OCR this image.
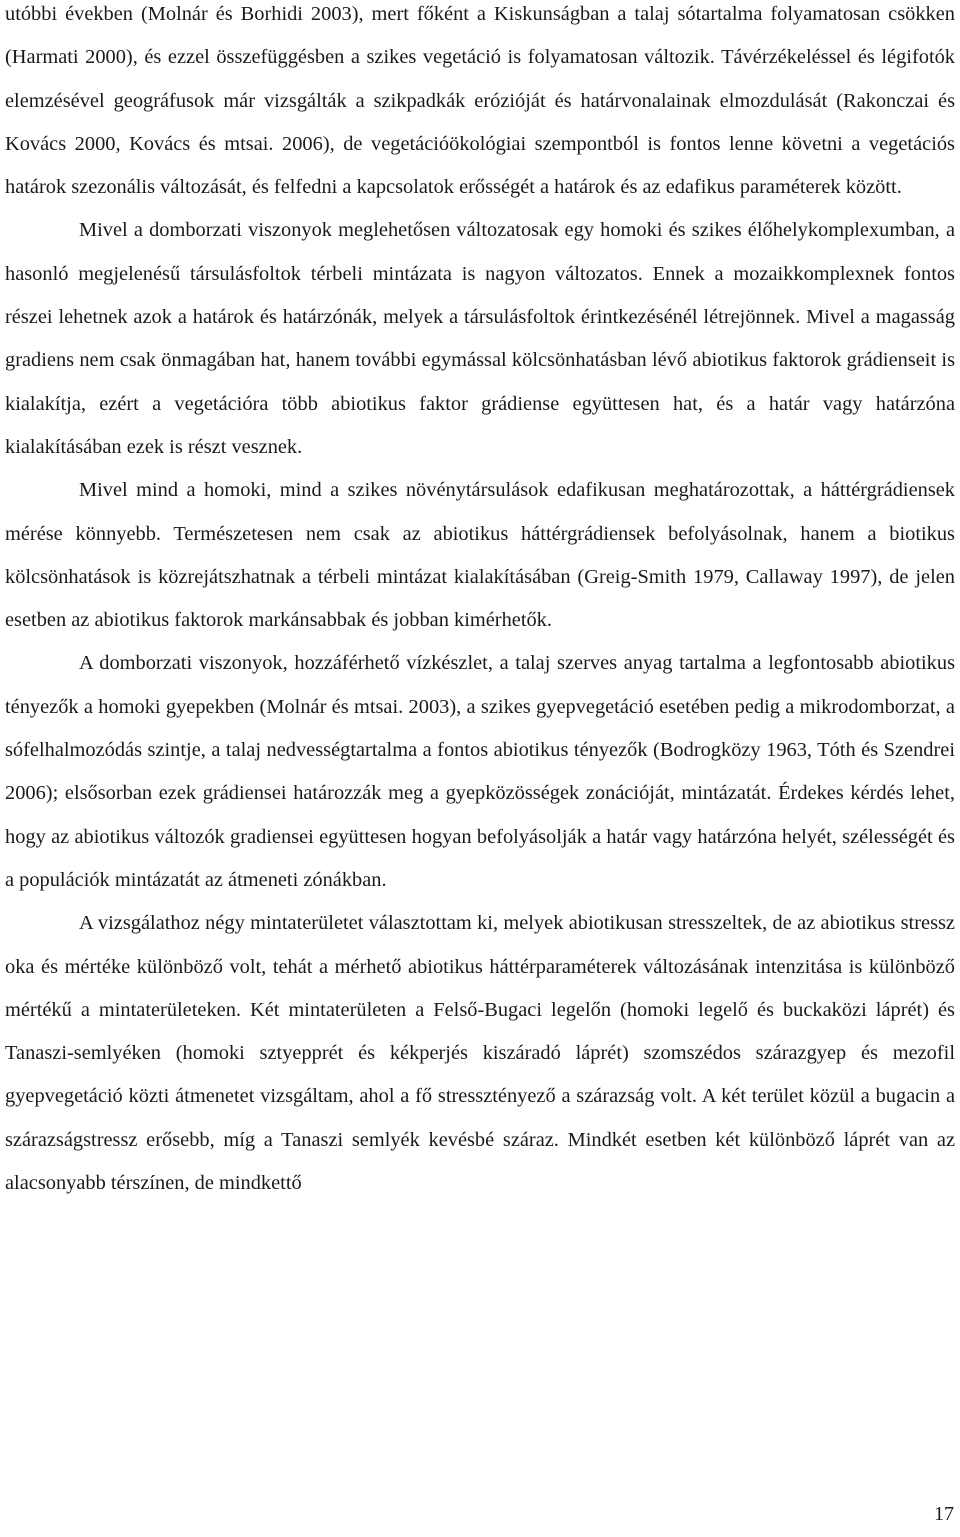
utóbbi években (Molnár és Borhidi 2003), mert főként a Kiskunságban a talaj sótartalma folyamatosan csökken (Harmati 2000), és ezzel összefüggésben a szikes vegetáció is folyamatosan változik. Távérzékeléssel és légifotók elemzésével geográfusok már vizsgálták a szikpadkák erózióját és határvonalainak elmozdulását (Rakonczai és Kovács 2000, Kovács és mtsai. 2006), de vegetációökológiai szempontból is fontos lenne követni a vegetációs határok szezonális változását, és felfedni a kapcsolatok erősségét a határok és az edafikus paraméterek között.

Mivel a domborzati viszonyok meglehetősen változatosak egy homoki és szikes élőhelykomplexumban, a hasonló megjelenésű társulásfoltok térbeli mintázata is nagyon változatos. Ennek a mozaikkomplexnek fontos részei lehetnek azok a határok és határzónák, melyek a társulásfoltok érintkezésénél létrejönnek. Mivel a magasság gradiens nem csak önmagában hat, hanem további egymással kölcsönhatásban lévő abiotikus faktorok grádienseit is kialakítja, ezért a vegetációra több abiotikus faktor grádiense együttesen hat, és a határ vagy határzóna kialakításában ezek is részt vesznek.

Mivel mind a homoki, mind a szikes növénytársulások edafikusan meghatározottak, a háttérgrádiensek mérése könnyebb. Természetesen nem csak az abiotikus háttérgrádiensek befolyásolnak, hanem a biotikus kölcsönhatások is közrejátszhatnak a térbeli mintázat kialakításában (Greig-Smith 1979, Callaway 1997), de jelen esetben az abiotikus faktorok markánsabbak és jobban kimérhetők.

A domborzati viszonyok, hozzáférhető vízkészlet, a talaj szerves anyag tartalma a legfontosabb abiotikus tényezők a homoki gyepekben (Molnár és mtsai. 2003), a szikes gyepvegetáció esetében pedig a mikrodomborzat, a sófelhalmozódás szintje, a talaj nedvességtartalma a fontos abiotikus tényezők (Bodrogközy 1963, Tóth és Szendrei 2006); elsősorban ezek grádiensei határozzák meg a gyepközösségek zonációját, mintázatát. Érdekes kérdés lehet, hogy az abiotikus változók gradiensei együttesen hogyan befolyásolják a határ vagy határzóna helyét, szélességét és a populációk mintázatát az átmeneti zónákban.

A vizsgálathoz négy mintaterületet választottam ki, melyek abiotikusan stresszeltek, de az abiotikus stressz oka és mértéke különböző volt, tehát a mérhető abiotikus háttérparaméterek változásának intenzitása is különböző mértékű a mintaterületeken. Két mintaterületen a Felső-Bugaci legelőn (homoki legelő és buckaközi láprét) és Tanaszi-semlyéken (homoki sztyepprét és kékperjés kiszáradó láprét) szomszédos szárazgyep és mezofil gyepvegetáció közti átmenetet vizsgáltam, ahol a fő stressztényező a szárazság volt. A két terület közül a bugacin a szárazságstressz erősebb, míg a Tanaszi semlyék kevésbé száraz. Mindkét esetben két különböző láprét van az alacsonyabb térszínen, de mindkettő

17
